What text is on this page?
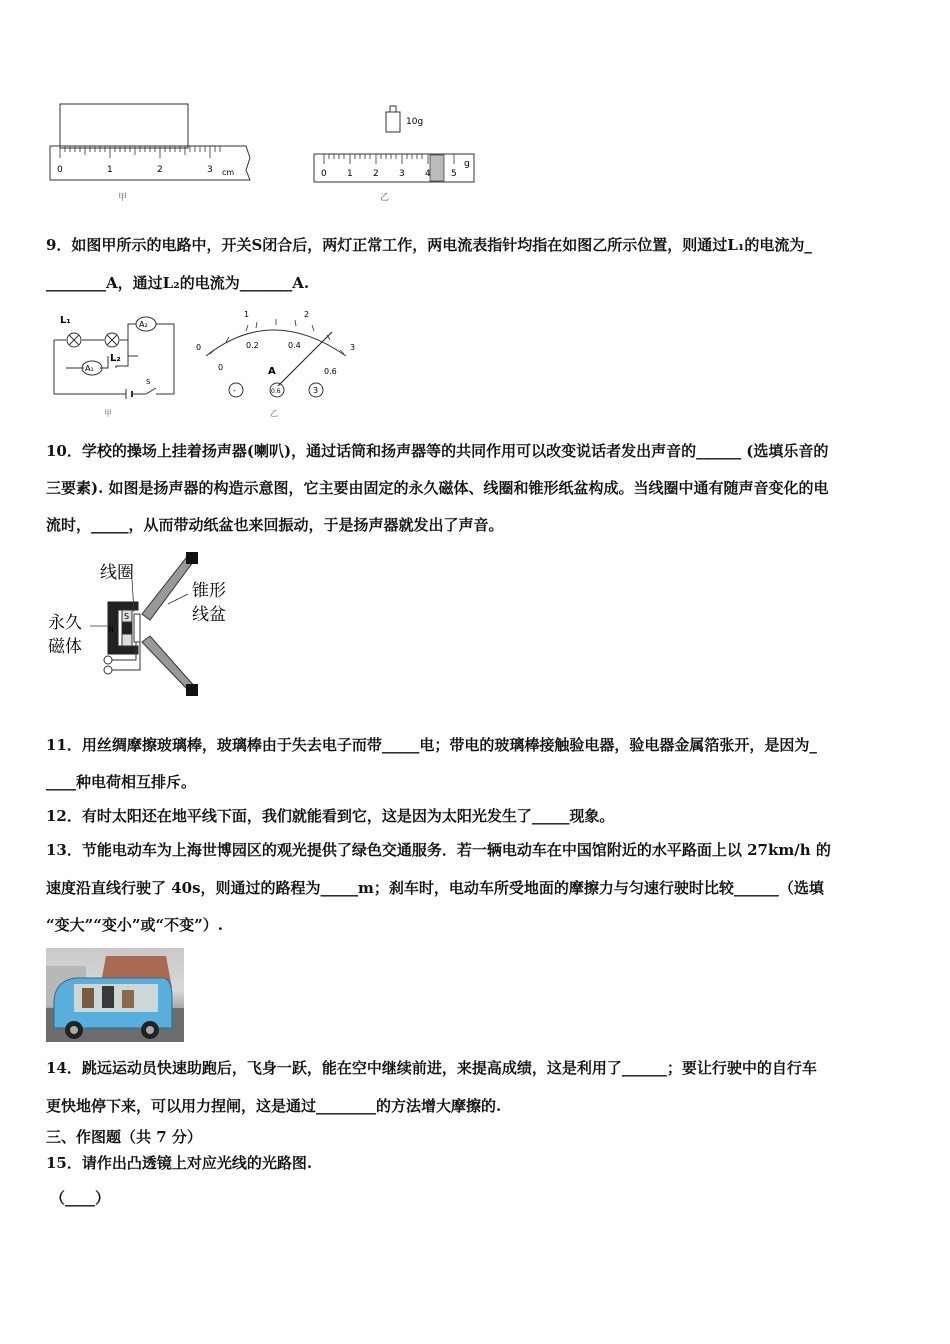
0	1	2	3 cm
甲
10g
0 1 2 3 4 5
g
乙
9．如图甲所示的电路中，开关S闭合后，两灯正常工作，两电流表指针均指在如图乙所示位置，则通过L₁的电流为_
________A，通过L₂的电流为_______A.
L₁
L₂
A₂
A₁
S
甲
1	2
0	3
0.2	0.4
0.6
0	A
-	0.6	3
乙
10．学校的操场上挂着扬声器(喇叭)，通过话筒和扬声器等的共同作用可以改变说话者发出声音的______ (选填乐音的
三要素). 如图是扬声器的构造示意图，它主要由固定的永久磁体、线圈和锥形纸盆构成。当线圈中通有随声音变化的电
流时，_____，从而带动纸盆也来回振动，于是扬声器就发出了声音。
S
N
线圈
锥形
线盆
永久
磁体
11．用丝绸摩擦玻璃棒，玻璃棒由于失去电子而带_____电；带电的玻璃棒接触验电器，验电器金属箔张开，是因为_
____种电荷相互排斥。
12．有时太阳还在地平线下面，我们就能看到它，这是因为太阳光发生了_____现象。
13．节能电动车为上海世博园区的观光提供了绿色交通服务．若一辆电动车在中国馆附近的水平路面上以 27km/h 的
速度沿直线行驶了 40s，则通过的路程为_____m；刹车时，电动车所受地面的摩擦力与匀速行驶时比较______（选填
“变大”“变小”或“不变”）.
14．跳远运动员快速助跑后，飞身一跃，能在空中继续前进，来提高成绩，这是利用了______；要让行驶中的自行车
更快地停下来，可以用力捏闸，这是通过________的方法增大摩擦的.
三、作图题（共 7 分）
15．请作出凸透镜上对应光线的光路图.
（____）
